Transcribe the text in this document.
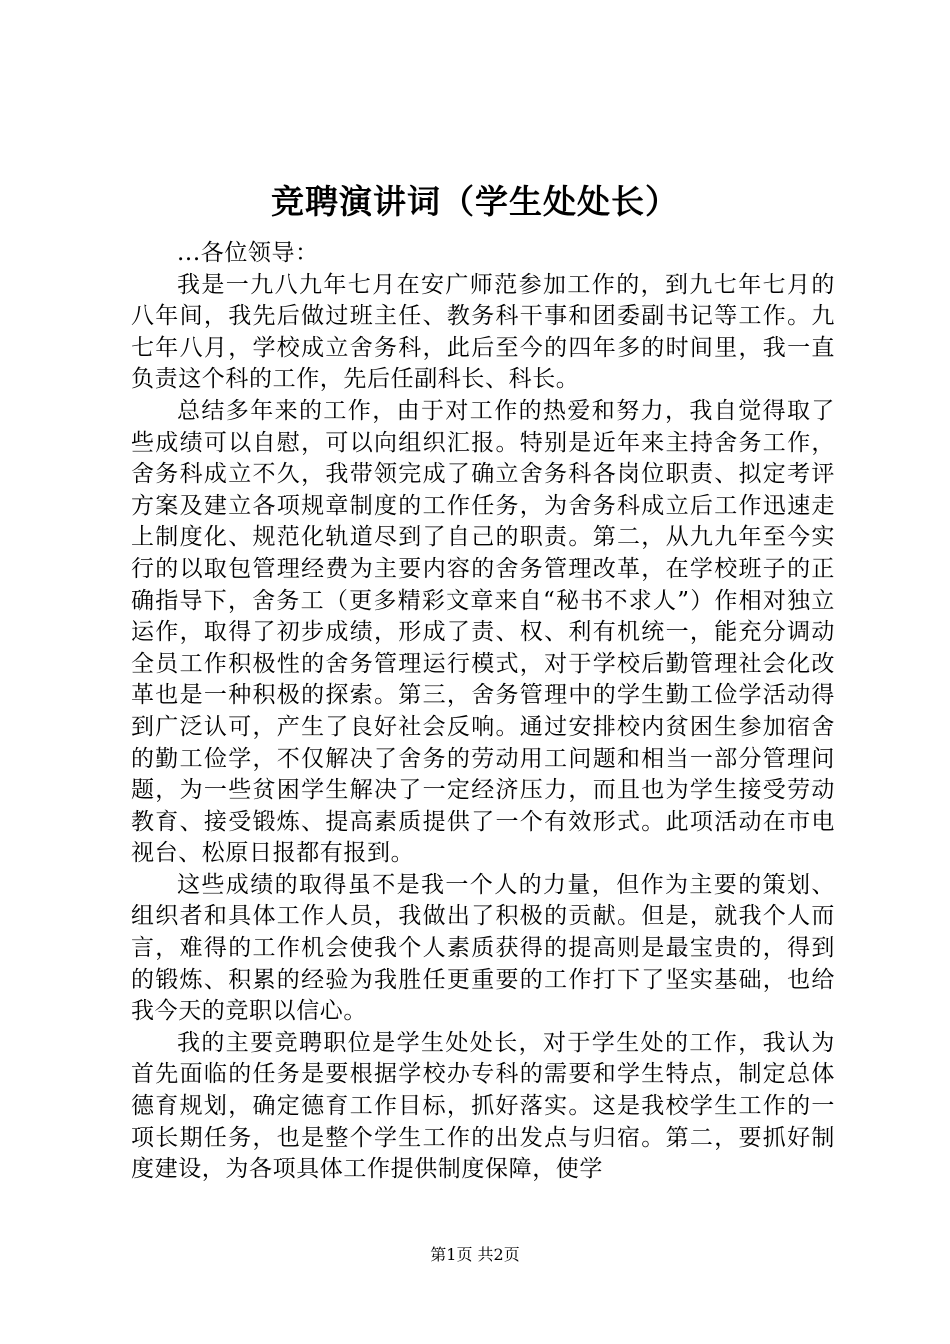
竞聘演讲词（学生处处长）

...各位领导：

我是一九八九年七月在安广师范参加工作的，到九七年七月的八年间，我先后做过班主任、教务科干事和团委副书记等工作。九七年八月，学校成立舍务科，此后至今的四年多的时间里，我一直负责这个科的工作，先后任副科长、科长。

总结多年来的工作，由于对工作的热爱和努力，我自觉得取了些成绩可以自慰，可以向组织汇报。特别是近年来主持舍务工作，舍务科成立不久，我带领完成了确立舍务科各岗位职责、拟定考评方案及建立各项规章制度的工作任务，为舍务科成立后工作迅速走上制度化、规范化轨道尽到了自己的职责。第二，从九九年至今实行的以取包管理经费为主要内容的舍务管理改革，在学校班子的正确指导下，舍务工（更多精彩文章来自“秘书不求人”）作相对独立运作，取得了初步成绩，形成了责、权、利有机统一，能充分调动全员工作积极性的舍务管理运行模式，对于学校后勤管理社会化改革也是一种积极的探索。第三，舍务管理中的学生勤工俭学活动得到广泛认可，产生了良好社会反响。通过安排校内贫困生参加宿舍的勤工俭学，不仅解决了舍务的劳动用工问题和相当一部分管理问题，为一些贫困学生解决了一定经济压力，而且也为学生接受劳动教育、接受锻炼、提高素质提供了一个有效形式。此项活动在市电视台、松原日报都有报到。

这些成绩的取得虽不是我一个人的力量，但作为主要的策划、组织者和具体工作人员，我做出了积极的贡献。但是，就我个人而言，难得的工作机会使我个人素质获得的提高则是最宝贵的，得到的锻炼、积累的经验为我胜任更重要的工作打下了坚实基础，也给我今天的竞职以信心。

我的主要竞聘职位是学生处处长，对于学生处的工作，我认为首先面临的任务是要根据学校办专科的需要和学生特点，制定总体德育规划，确定德育工作目标，抓好落实。这是我校学生工作的一项长期任务，也是整个学生工作的出发点与归宿。第二，要抓好制度建设，为各项具体工作提供制度保障，使学

第1页 共2页
